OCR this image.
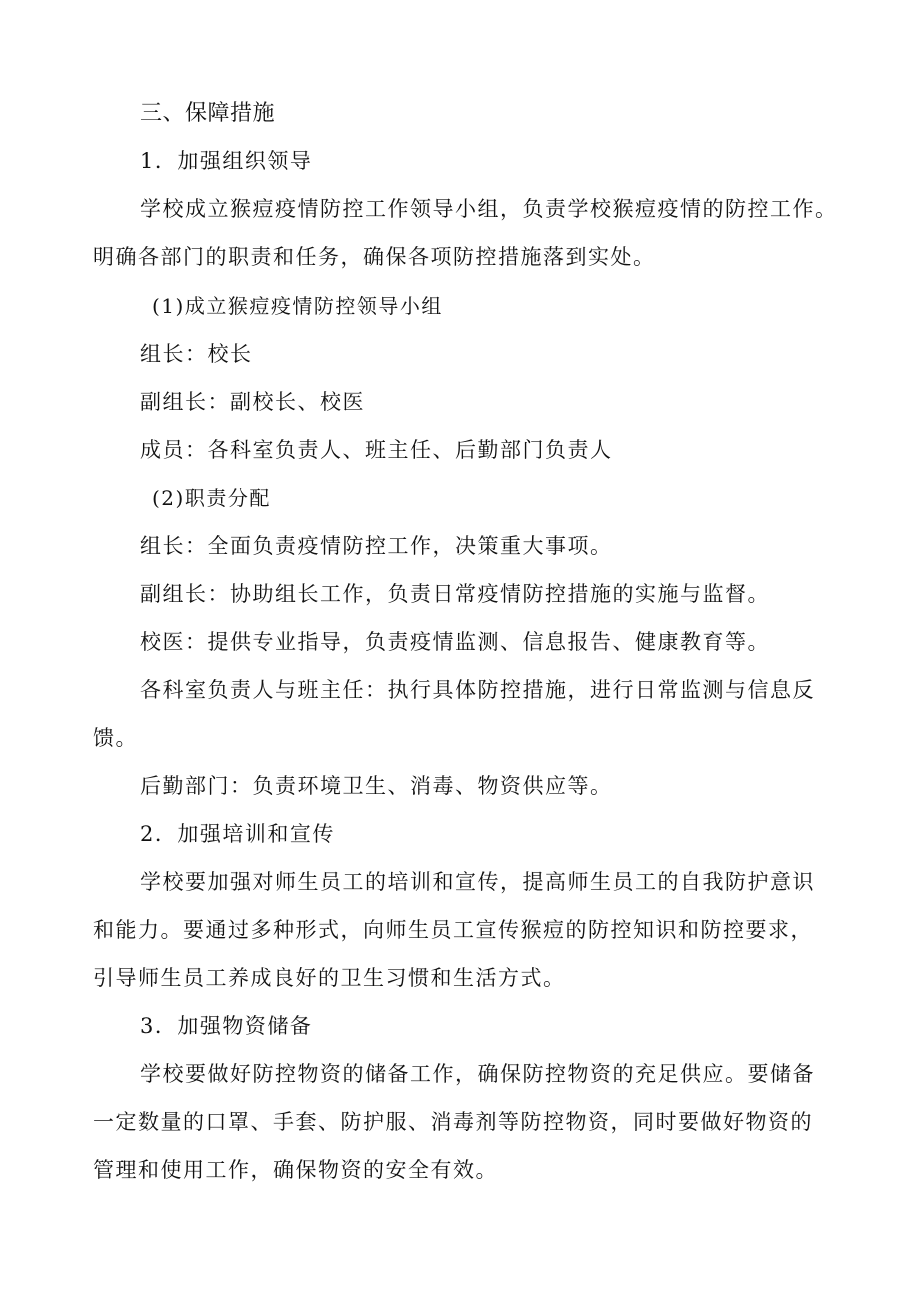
三、保障措施
1．加强组织领导
学校成立猴痘疫情防控工作领导小组，负责学校猴痘疫情的防控工作。
明确各部门的职责和任务，确保各项防控措施落到实处。
(1)成立猴痘疫情防控领导小组
组长：校长
副组长：副校长、校医
成员：各科室负责人、班主任、后勤部门负责人
(2)职责分配
组长：全面负责疫情防控工作，决策重大事项。
副组长：协助组长工作，负责日常疫情防控措施的实施与监督。
校医：提供专业指导，负责疫情监测、信息报告、健康教育等。
各科室负责人与班主任：执行具体防控措施，进行日常监测与信息反
馈。
后勤部门：负责环境卫生、消毒、物资供应等。
2．加强培训和宣传
学校要加强对师生员工的培训和宣传，提高师生员工的自我防护意识
和能力。要通过多种形式，向师生员工宣传猴痘的防控知识和防控要求，
引导师生员工养成良好的卫生习惯和生活方式。
3．加强物资储备
学校要做好防控物资的储备工作，确保防控物资的充足供应。要储备
一定数量的口罩、手套、防护服、消毒剂等防控物资，同时要做好物资的
管理和使用工作，确保物资的安全有效。
